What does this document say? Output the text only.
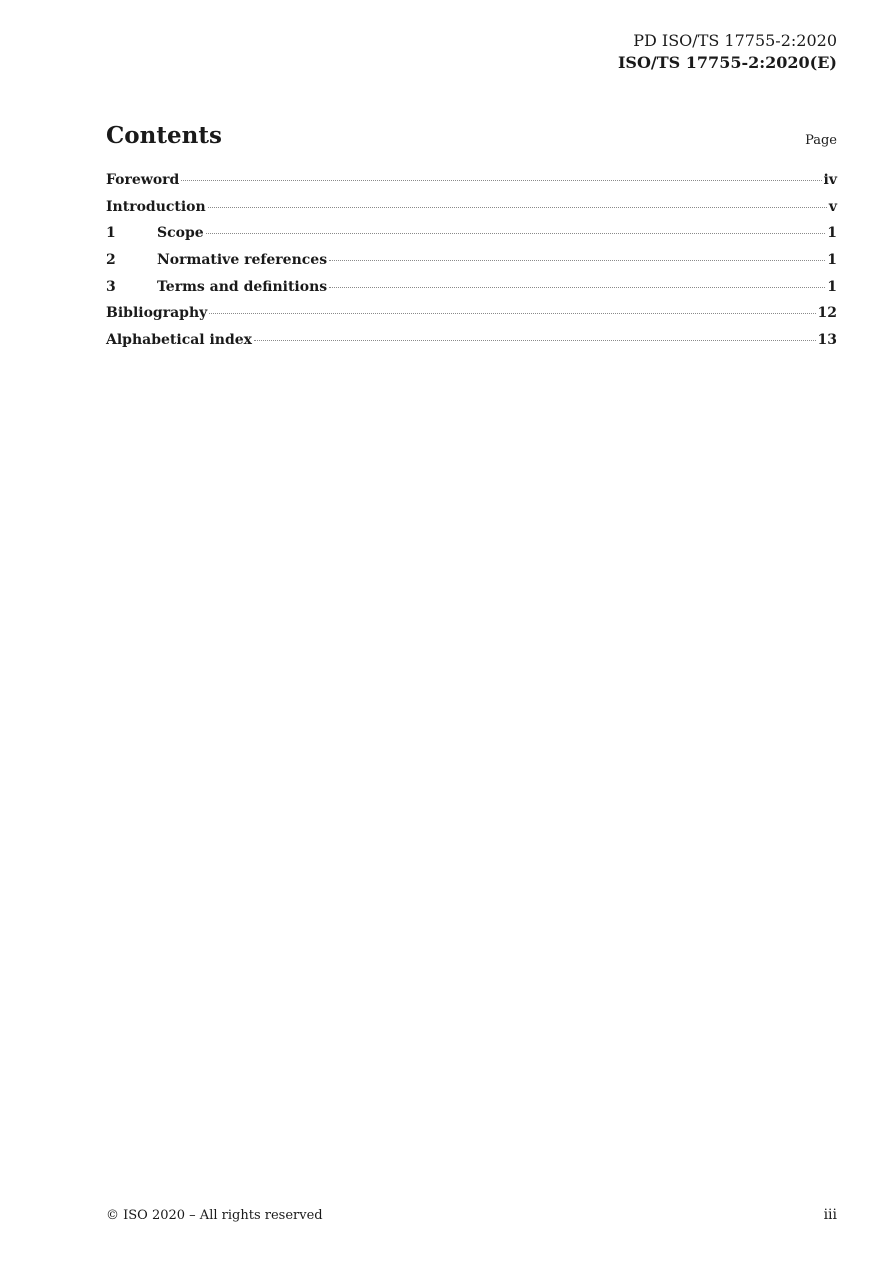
PD ISO/TS 17755-2:2020
ISO/TS 17755-2:2020(E)
Contents	Page
Foreword	iv
Introduction	v
1	Scope	1
2	Normative references	1
3	Terms and definitions	1
Bibliography	12
Alphabetical index	13
© ISO 2020 – All rights reserved	iii
